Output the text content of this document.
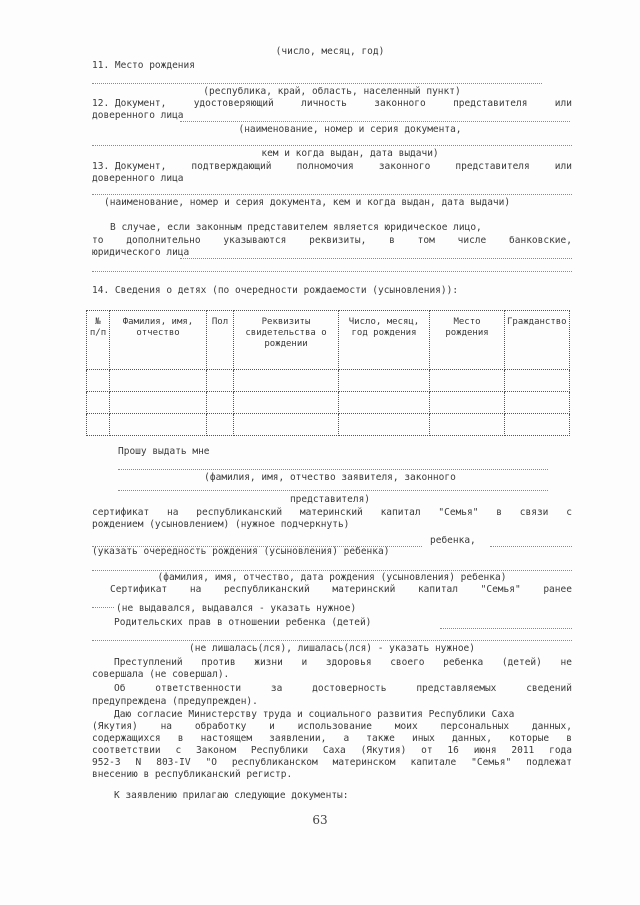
(число, месяц, год)
11. Место рождения
(республика, край, область, населенный пункт)
12. Документ,	удостоверяющий	личность	законного	представителя	или
доверенного лица
(наименование, номер и серия документа,
кем и когда выдан, дата выдачи)
13. Документ,	подтверждающий	полномочия	законного	представителя	или
доверенного лица
(наименование, номер и серия документа, кем и когда выдан, дата выдачи)
В случае, если законным представителем является юридическое лицо,
то дополнительно указываются реквизиты, в том числе банковские,
юридического лица
14. Сведения о детях (по очередности рождаемости (усыновления)):
№ п/п	Фамилия, имя, отчество	Пол	Реквизиты свидетельства о рождении	Число, месяц, год рождения	Место рождения	Гражданство

Прошу выдать мне
(фамилия, имя, отчество заявителя, законного
представителя)
сертификат на республиканский материнский капитал "Семья" в связи с
рождением (усыновлением) (нужное подчеркнуть)
ребенка,
(указать очередность рождения (усыновления) ребенка)
(фамилия, имя, отчество, дата рождения (усыновления) ребенка)
Сертификат на республиканский материнский капитал "Семья" ранее
(не выдавался, выдавался - указать нужное)
Родительских прав в отношении ребенка (детей)
(не лишалась(лся), лишалась(лся) - указать нужное)
Преступлений против жизни и здоровья своего ребенка (детей) не
совершала (не совершал).
Об	ответственности	за	достоверность	представляемых	сведений
предупреждена (предупрежден).
Даю согласие Министерству труда и социального развития Республики Саха
(Якутия) на обработку и использование моих персональных данных,
содержащихся в настоящем заявлении, а также иных данных, которые в
соответствии с Законом Республики Саха (Якутия) от 16 июня 2011 года
952-З N 803-IV "О республиканском материнском капитале "Семья" подлежат
внесению в республиканский регистр.
К заявлению прилагаю следующие документы:
63
